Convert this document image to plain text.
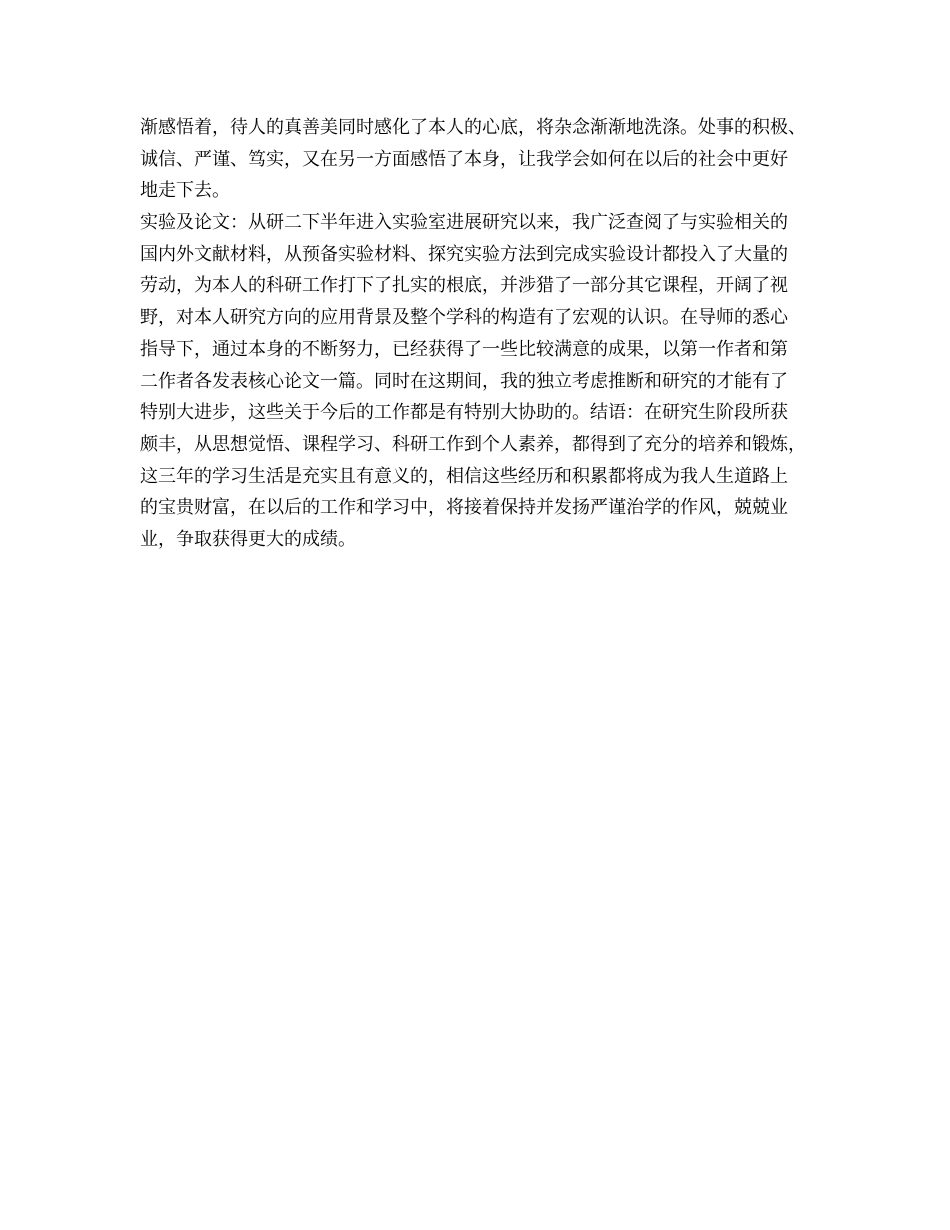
渐感悟着，待人的真善美同时感化了本人的心底，将杂念渐渐地洗涤。处事的积极、
诚信、严谨、笃实，又在另一方面感悟了本身，让我学会如何在以后的社会中更好
地走下去。
实验及论文：从研二下半年进入实验室进展研究以来，我广泛查阅了与实验相关的
国内外文献材料，从预备实验材料、探究实验方法到完成实验设计都投入了大量的
劳动，为本人的科研工作打下了扎实的根底，并涉猎了一部分其它课程，开阔了视
野，对本人研究方向的应用背景及整个学科的构造有了宏观的认识。在导师的悉心
指导下，通过本身的不断努力，已经获得了一些比较满意的成果，以第一作者和第
二作者各发表核心论文一篇。同时在这期间，我的独立考虑推断和研究的才能有了
特别大进步，这些关于今后的工作都是有特别大协助的。结语：在研究生阶段所获
颇丰，从思想觉悟、课程学习、科研工作到个人素养，都得到了充分的培养和锻炼，
这三年的学习生活是充实且有意义的，相信这些经历和积累都将成为我人生道路上
的宝贵财富，在以后的工作和学习中，将接着保持并发扬严谨治学的作风，兢兢业
业，争取获得更大的成绩。
